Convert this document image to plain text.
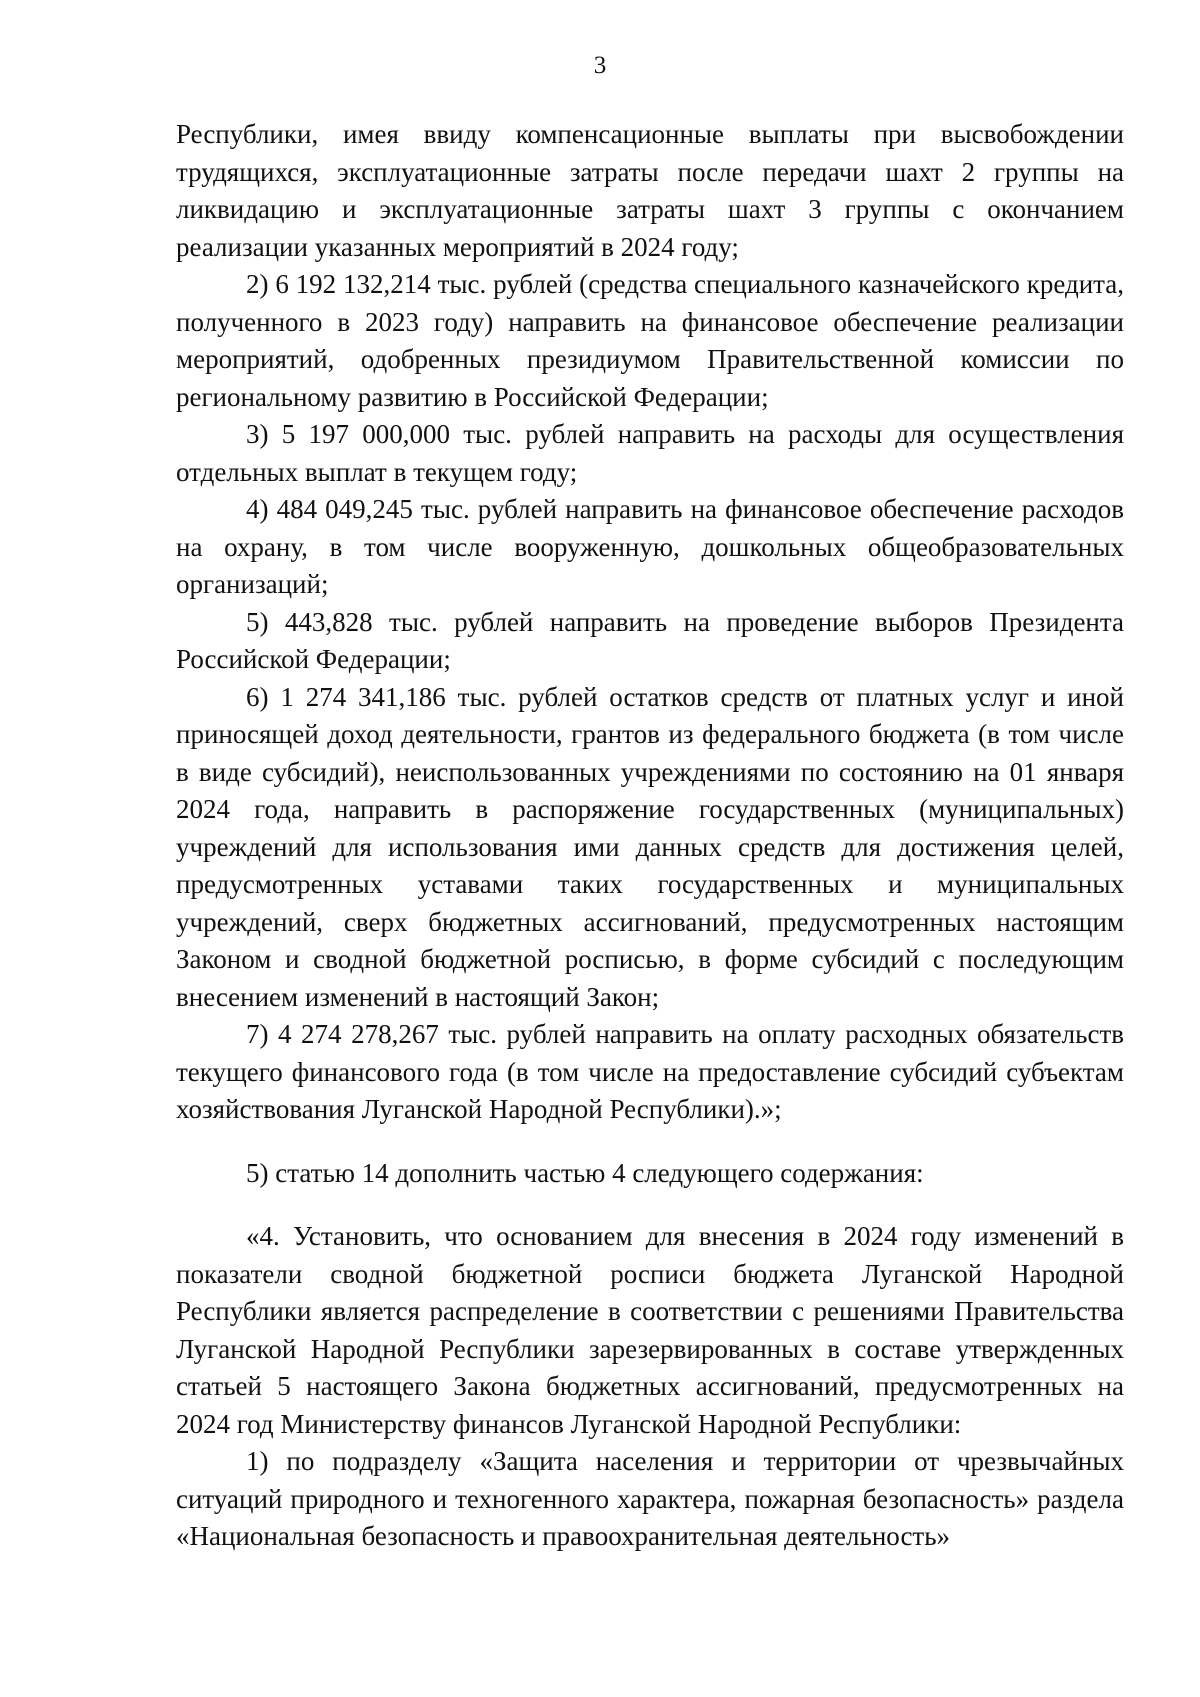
3

Республики, имея ввиду компенсационные выплаты при высвобождении трудящихся, эксплуатационные затраты после передачи шахт 2 группы на ликвидацию и эксплуатационные затраты шахт 3 группы с окончанием реализации указанных мероприятий в 2024 году;

2) 6 192 132,214 тыс. рублей (средства специального казначейского кредита, полученного в 2023 году) направить на финансовое обеспечение реализации мероприятий, одобренных президиумом Правительственной комиссии по региональному развитию в Российской Федерации;

3) 5 197 000,000 тыс. рублей направить на расходы для осуществления отдельных выплат в текущем году;

4) 484 049,245 тыс. рублей направить на финансовое обеспечение расходов на охрану, в том числе вооруженную, дошкольных общеобразовательных организаций;

5) 443,828 тыс. рублей направить на проведение выборов Президента Российской Федерации;

6) 1 274 341,186 тыс. рублей остатков средств от платных услуг и иной приносящей доход деятельности, грантов из федерального бюджета (в том числе в виде субсидий), неиспользованных учреждениями по состоянию на 01 января 2024 года, направить в распоряжение государственных (муниципальных) учреждений для использования ими данных средств для достижения целей, предусмотренных уставами таких государственных и муниципальных учреждений, сверх бюджетных ассигнований, предусмотренных настоящим Законом и сводной бюджетной росписью, в форме субсидий с последующим внесением изменений в настоящий Закон;

7) 4 274 278,267 тыс. рублей направить на оплату расходных обязательств текущего финансового года (в том числе на предоставление субсидий субъектам хозяйствования Луганской Народной Республики).»;

5) статью 14 дополнить частью 4 следующего содержания:

«4. Установить, что основанием для внесения в 2024 году изменений в показатели сводной бюджетной росписи бюджета Луганской Народной Республики является распределение в соответствии с решениями Правительства Луганской Народной Республики зарезервированных в составе утвержденных статьей 5 настоящего Закона бюджетных ассигнований, предусмотренных на 2024 год Министерству финансов Луганской Народной Республики:

1) по подразделу «Защита населения и территории от чрезвычайных ситуаций природного и техногенного характера, пожарная безопасность» раздела «Национальная безопасность и правоохранительная деятельность»
